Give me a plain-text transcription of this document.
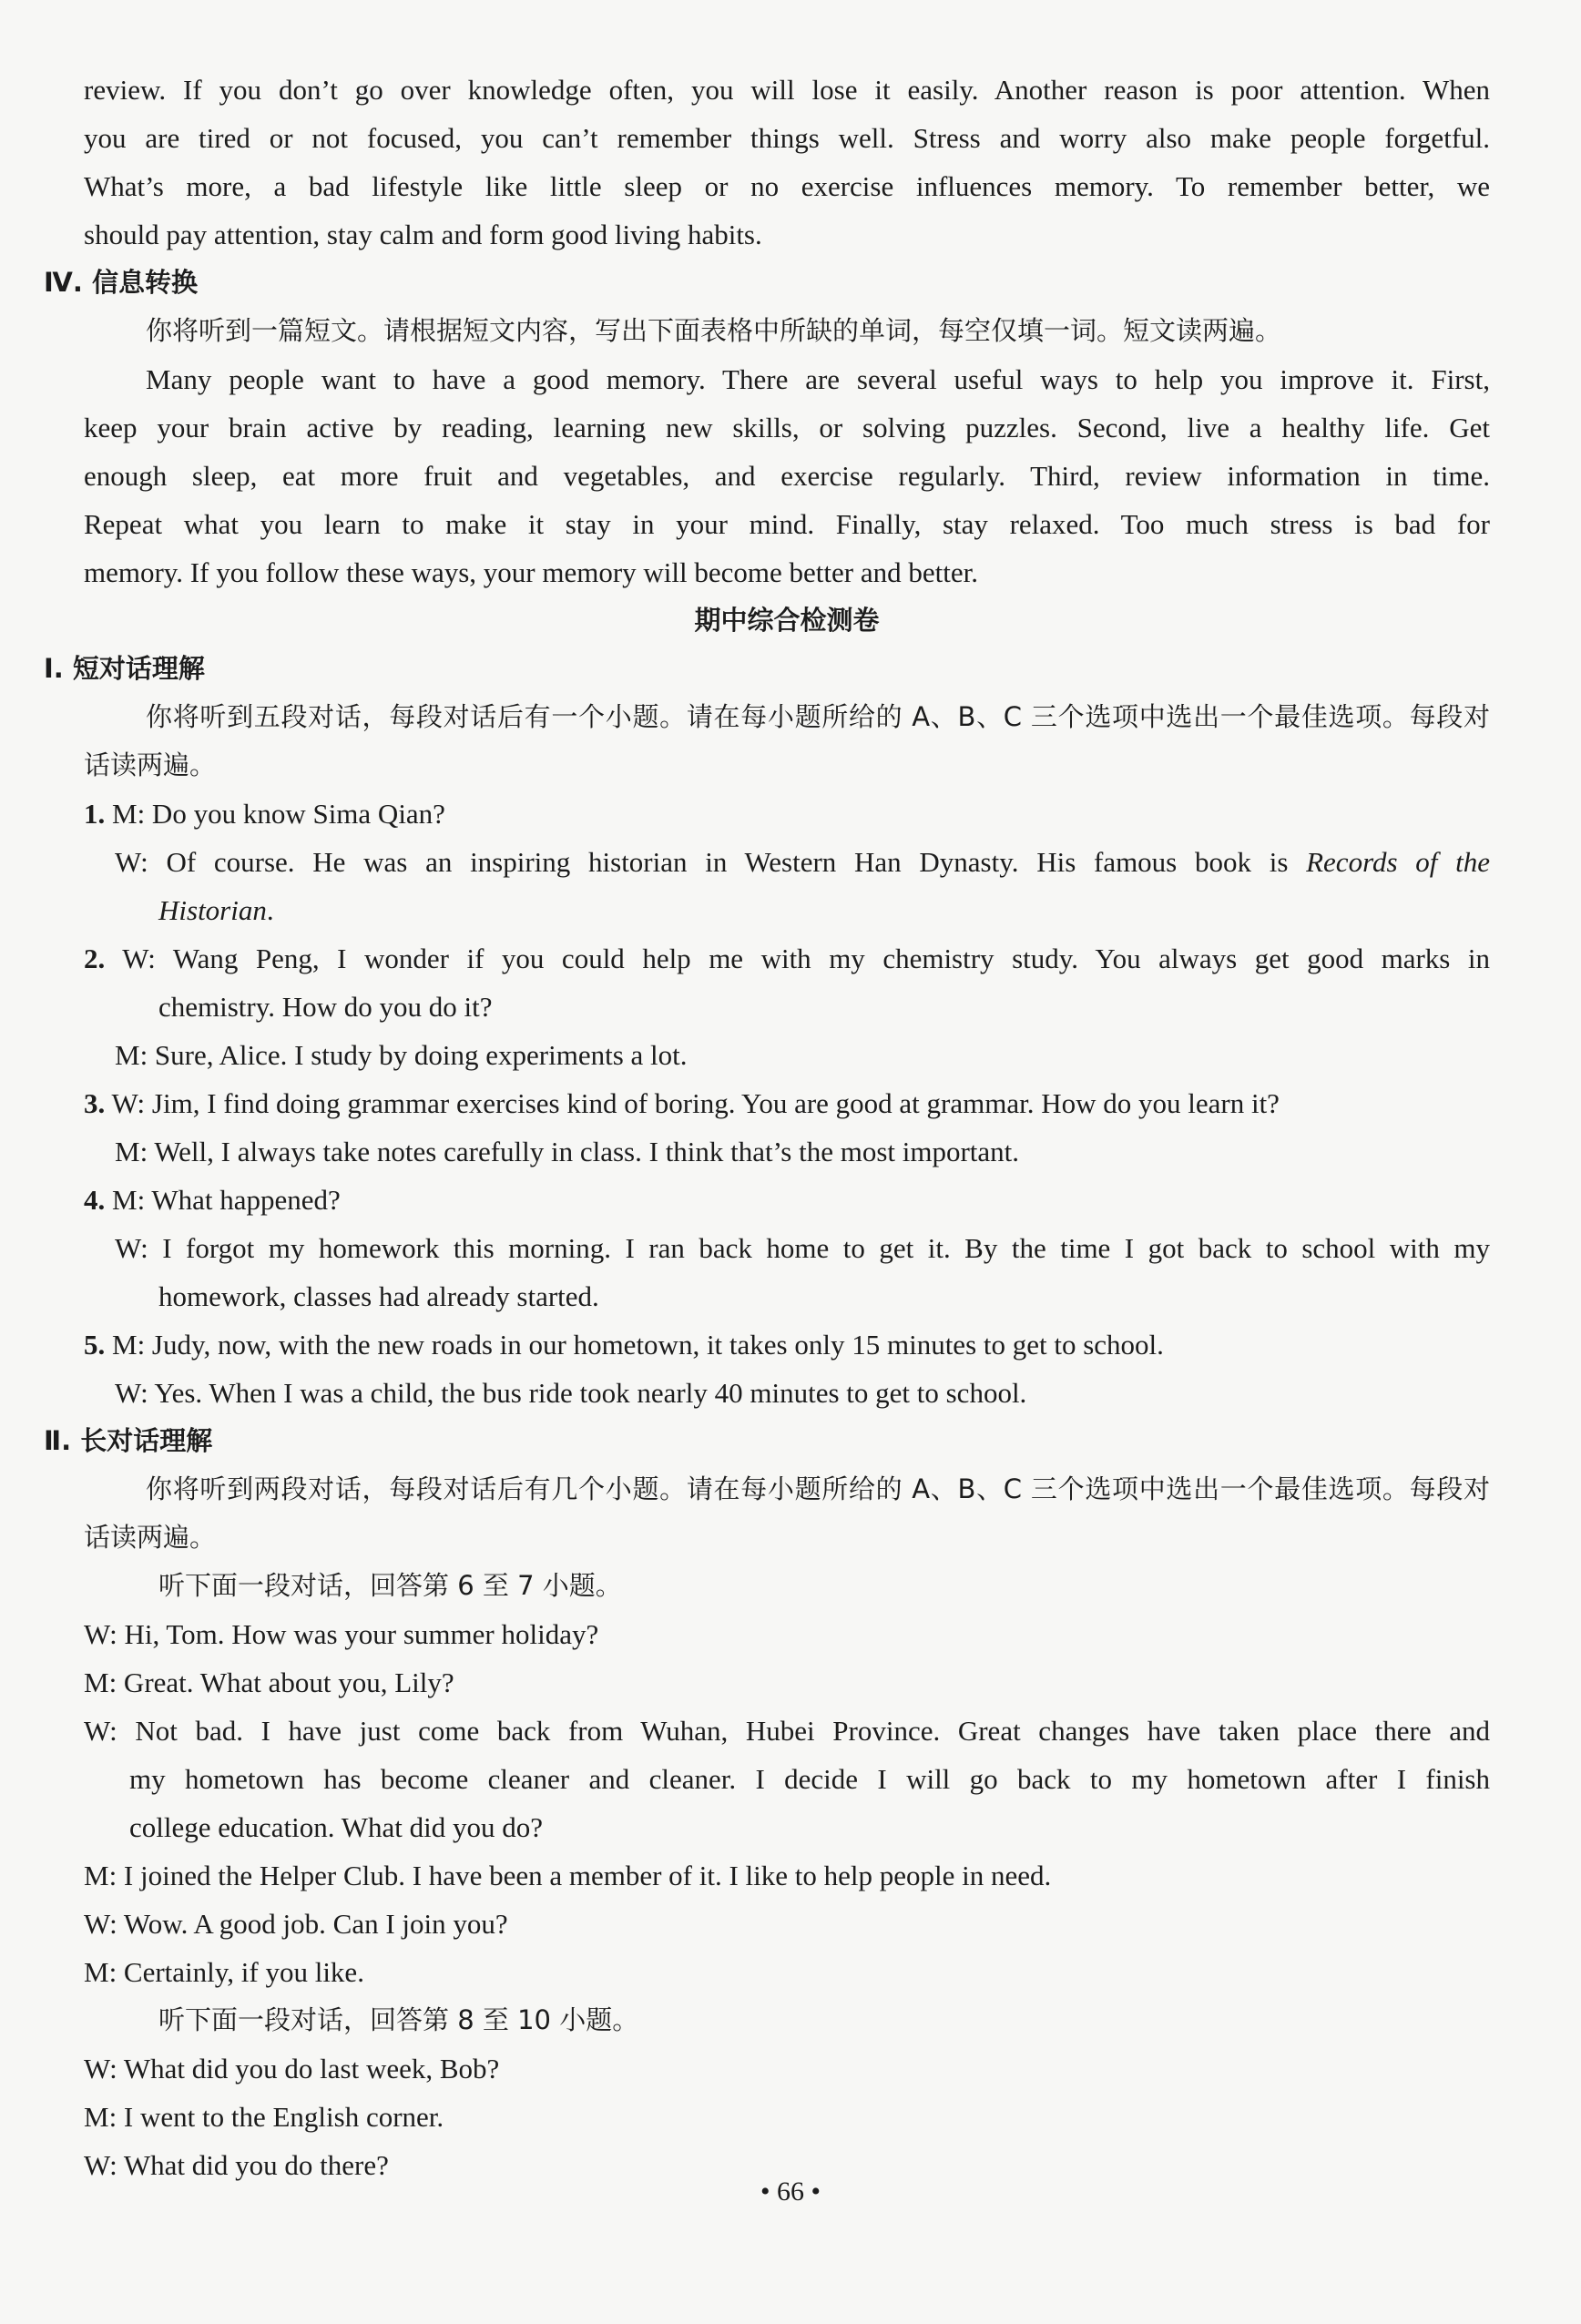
review. If you don’t go over knowledge often, you will lose it easily. Another reason is poor attention. When
you are tired or not focused, you can’t remember things well. Stress and worry also make people forgetful.
What’s more, a bad lifestyle like little sleep or no exercise influences memory. To remember better, we
should pay attention, stay calm and form good living habits.
Ⅳ. 信息转换
你将听到一篇短文。请根据短文内容，写出下面表格中所缺的单词，每空仅填一词。短文读两遍。
Many people want to have a good memory. There are several useful ways to help you improve it. First,
keep your brain active by reading, learning new skills, or solving puzzles. Second, live a healthy life. Get
enough sleep, eat more fruit and vegetables, and exercise regularly. Third, review information in time.
Repeat what you learn to make it stay in your mind. Finally, stay relaxed. Too much stress is bad for
memory. If you follow these ways, your memory will become better and better.
期中综合检测卷
Ⅰ. 短对话理解
你将听到五段对话，每段对话后有一个小题。请在每小题所给的 A、B、C 三个选项中选出一个最佳选项。每段对
话读两遍。
1. M: Do you know Sima Qian?
W: Of course. He was an inspiring historian in Western Han Dynasty. His famous book is Records of the
Historian.
2. W: Wang Peng, I wonder if you could help me with my chemistry study. You always get good marks in
chemistry. How do you do it?
M: Sure, Alice. I study by doing experiments a lot.
3. W: Jim, I find doing grammar exercises kind of boring. You are good at grammar. How do you learn it?
M: Well, I always take notes carefully in class. I think that’s the most important.
4. M: What happened?
W: I forgot my homework this morning. I ran back home to get it. By the time I got back to school with my
homework, classes had already started.
5. M: Judy, now, with the new roads in our hometown, it takes only 15 minutes to get to school.
W: Yes. When I was a child, the bus ride took nearly 40 minutes to get to school.
Ⅱ. 长对话理解
你将听到两段对话，每段对话后有几个小题。请在每小题所给的 A、B、C 三个选项中选出一个最佳选项。每段对
话读两遍。
听下面一段对话，回答第 6 至 7 小题。
W: Hi, Tom. How was your summer holiday?
M: Great. What about you, Lily?
W: Not bad. I have just come back from Wuhan, Hubei Province. Great changes have taken place there and
my hometown has become cleaner and cleaner. I decide I will go back to my hometown after I finish
college education. What did you do?
M: I joined the Helper Club. I have been a member of it. I like to help people in need.
W: Wow. A good job. Can I join you?
M: Certainly, if you like.
听下面一段对话，回答第 8 至 10 小题。
W: What did you do last week, Bob?
M: I went to the English corner.
W: What did you do there?
• 66 •
